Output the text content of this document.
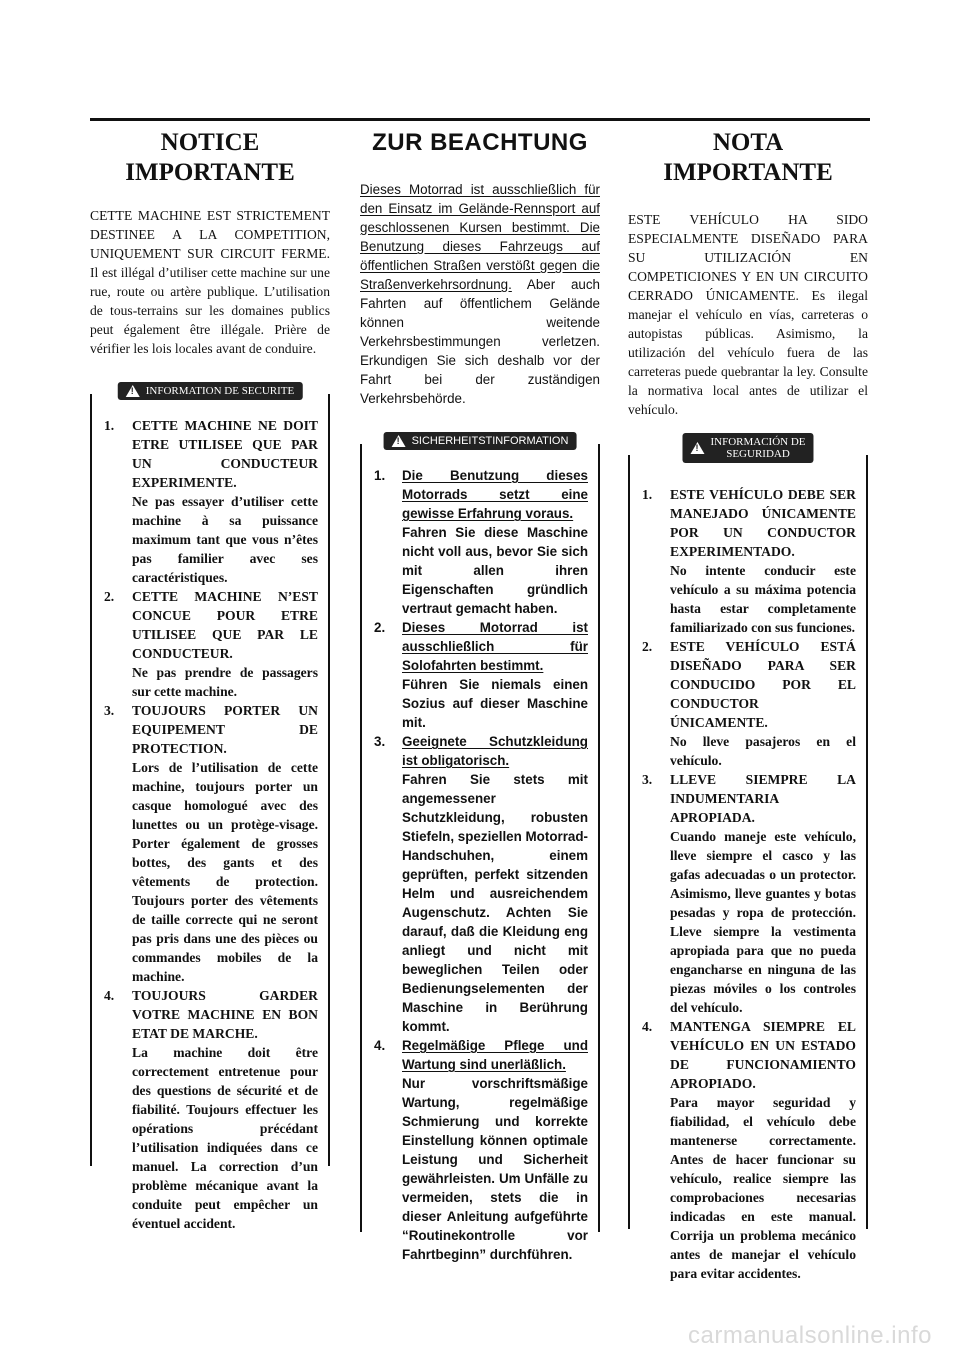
NOTICE
IMPORTANTE

CETTE MACHINE EST STRICTEMENT DESTINEE A LA COMPETITION, UNIQUEMENT SUR CIRCUIT FERME. Il est illégal d’utiliser cette machine sur une rue, route ou artère publique. L’utilisation de tous-terrains sur les domaines publics peut également être illégale. Prière de vérifier les lois locales avant de conduire.

!
INFORMATION DE SECURITE
1. CETTE MACHINE NE DOIT ETRE UTILISEE QUE PAR UN CONDUCTEUR EXPERIMENTE.

Ne pas essayer d’utiliser cette machine à sa puissance maximum tant que vous n’êtes pas familier avec ses caractéristiques.

2. CETTE MACHINE N’EST CONCUE POUR ETRE UTILISEE QUE PAR LE CONDUCTEUR.

Ne pas prendre de passagers sur cette machine.

3. TOUJOURS PORTER UN EQUIPEMENT DE PROTECTION.

Lors de l’utilisation de cette machine, toujours porter un casque homologué avec des lunettes ou un protège-visage. Porter également de grosses bottes, des gants et des vêtements de protection. Toujours porter des vêtements de taille correcte qui ne seront pas pris dans une des pièces ou commandes mobiles de la machine.

4. TOUJOURS GARDER VOTRE MACHINE EN BON ETAT DE MARCHE.

La machine doit être correctement entretenue pour des questions de sécurité et de fiabilité. Toujours effectuer les opérations précédant l’utilisation indiquées dans ce manuel. La correction d’un problème mécanique avant la conduite peut empêcher un éventuel accident.

ZUR BEACHTUNG

Dieses Motorrad ist ausschließlich für den Einsatz im Gelände-Rennsport auf geschlossenen Kursen bestimmt. Die Benutzung dieses Fahrzeugs auf öffentlichen Straßen verstößt gegen die Straßenverkehrsordnung. Aber auch Fahrten auf öffentlichem Gelände können weitende Verkehrsbestimmungen verletzen. Erkundigen Sie sich deshalb vor der Fahrt bei der zuständigen Verkehrsbehörde.

!
SICHERHEITSTINFORMATION
1. Die Benutzung dieses Motorrads setzt eine gewisse Erfahrung voraus.

Fahren Sie diese Maschine nicht voll aus, bevor Sie sich mit allen ihren Eigenschaften gründlich vertraut gemacht haben.

2. Dieses Motorrad ist ausschließlich für Solofahrten bestimmt.

Führen Sie niemals einen Sozius auf dieser Maschine mit.

3. Geeignete Schutzkleidung ist obligatorisch.

Fahren Sie stets mit angemessener Schutzkleidung, robusten Stiefeln, speziellen Motorrad-Handschuhen, einem geprüften, perfekt sitzenden Helm und ausreichendem Augenschutz. Achten Sie darauf, daß die Kleidung eng anliegt und nicht mit beweglichen Teilen oder Bedienungselementen der Maschine in Berührung kommt.

4. Regelmäßige Pflege und Wartung sind unerläßlich.

Nur vorschriftsmäßige Wartung, regelmäßige Schmierung und korrekte Einstellung können optimale Leistung und Sicherheit gewährleisten. Um Unfälle zu vermeiden, stets die in dieser Anleitung aufgeführte “Routinekontrolle vor Fahrtbeginn” durchführen.

NOTA IMPORTANTE

ESTE VEHÍCULO HA SIDO ESPECIALMENTE DISEÑADO PARA SU UTILIZACIÓN EN COMPETICIONES Y EN UN CIRCUITO CERRADO ÚNICAMENTE. Es ilegal manejar el vehículo en vías, carreteras o autopistas públicas. Asimismo, la utilización del vehículo fuera de las carreteras puede quebrantar la ley. Consulte la normativa local antes de utilizar el vehículo.

!
INFORMACIÓN DE
SEGURIDAD
1. ESTE VEHÍCULO DEBE SER MANEJADO ÚNICAMENTE POR UN CONDUCTOR EXPERIMENTADO.

No intente conducir este vehículo a su máxima potencia hasta estar completamente familiarizado con sus funciones.

2. ESTE VEHÍCULO ESTÁ DISEÑADO PARA SER CONDUCIDO POR EL CONDUCTOR ÚNICAMENTE.

No lleve pasajeros en el vehículo.

3. LLEVE SIEMPRE LA INDUMENTARIA APROPIADA.

Cuando maneje este vehículo, lleve siempre el casco y las gafas adecuadas o un protector. Asimismo, lleve guantes y botas pesadas y ropa de protección. Lleve siempre la vestimenta apropiada para que no pueda engancharse en ninguna de las piezas móviles o los controles del vehículo.

4. MANTENGA SIEMPRE EL VEHÍCULO EN UN ESTADO DE FUNCIONAMIENTO APROPIADO.

Para mayor seguridad y fiabilidad, el vehículo debe mantenerse correctamente. Antes de hacer funcionar su vehículo, realice siempre las comprobaciones necesarias indicadas en este manual. Corrija un problema mecánico antes de manejar el vehículo para evitar accidentes.

carmanualsonline.info
